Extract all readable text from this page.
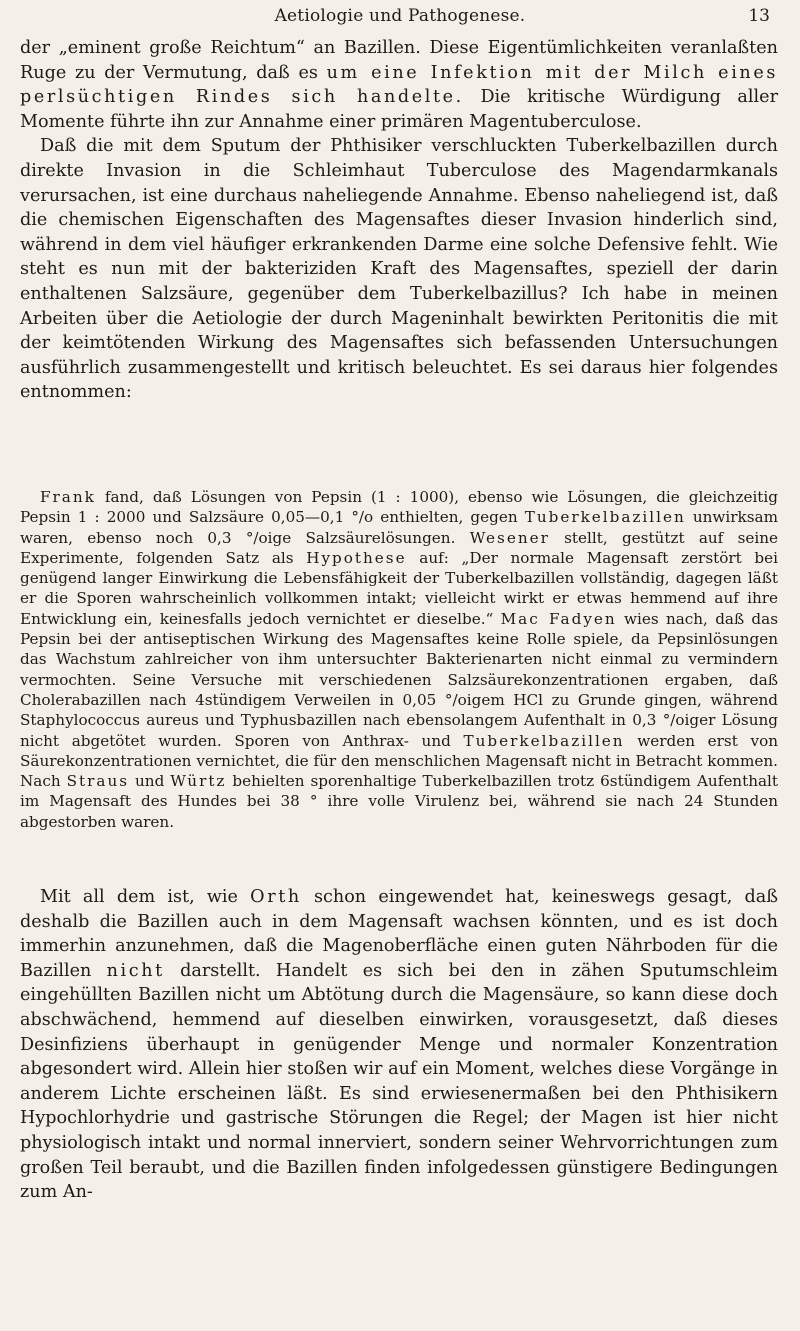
Aetiologie und Pathogenese.	13

der „eminent große Reichtum“ an Bazillen. Diese Eigentümlichkeiten veranlaßten Ruge zu der Vermutung, daß es um eine Infektion mit der Milch eines perlsüchtigen Rindes sich handelte. Die kritische Würdigung aller Momente führte ihn zur Annahme einer primären Magentuberculose.

Daß die mit dem Sputum der Phthisiker verschluckten Tuberkelbazillen durch direkte Invasion in die Schleimhaut Tuberculose des Magendarmkanals verursachen, ist eine durchaus naheliegende Annahme. Ebenso naheliegend ist, daß die chemischen Eigenschaften des Magensaftes dieser Invasion hinderlich sind, während in dem viel häufiger erkrankenden Darme eine solche Defensive fehlt. Wie steht es nun mit der bakteriziden Kraft des Magensaftes, speziell der darin enthaltenen Salzsäure, gegenüber dem Tuberkelbazillus? Ich habe in meinen Arbeiten über die Aetiologie der durch Mageninhalt bewirkten Peritonitis die mit der keimtötenden Wirkung des Magensaftes sich befassenden Untersuchungen ausführlich zusammengestellt und kritisch beleuchtet. Es sei daraus hier folgendes entnommen:

Frank fand, daß Lösungen von Pepsin (1 : 1000), ebenso wie Lösungen, die gleichzeitig Pepsin 1 : 2000 und Salzsäure 0,05—0,1 °/o enthielten, gegen Tuberkelbazillen unwirksam waren, ebenso noch 0,3 °/oige Salzsäurelösungen. Wesener stellt, gestützt auf seine Experimente, folgenden Satz als Hypothese auf: „Der normale Magensaft zerstört bei genügend langer Einwirkung die Lebensfähigkeit der Tuberkelbazillen vollständig, dagegen läßt er die Sporen wahrscheinlich vollkommen intakt; vielleicht wirkt er etwas hemmend auf ihre Entwicklung ein, keinesfalls jedoch vernichtet er dieselbe.“ Mac Fadyen wies nach, daß das Pepsin bei der antiseptischen Wirkung des Magensaftes keine Rolle spiele, da Pepsinlösungen das Wachstum zahlreicher von ihm untersuchter Bakterienarten nicht einmal zu vermindern vermochten. Seine Versuche mit verschiedenen Salzsäurekonzentrationen ergaben, daß Cholerabazillen nach 4stündigem Verweilen in 0,05 °/oigem HCl zu Grunde gingen, während Staphylococcus aureus und Typhusbazillen nach ebensolangem Aufenthalt in 0,3 °/oiger Lösung nicht abgetötet wurden. Sporen von Anthrax- und Tuberkelbazillen werden erst von Säurekonzentrationen vernichtet, die für den menschlichen Magensaft nicht in Betracht kommen. Nach Straus und Würtz behielten sporenhaltige Tuberkelbazillen trotz 6stündigem Aufenthalt im Magensaft des Hundes bei 38 ° ihre volle Virulenz bei, während sie nach 24 Stunden abgestorben waren.

Mit all dem ist, wie Orth schon eingewendet hat, keineswegs gesagt, daß deshalb die Bazillen auch in dem Magensaft wachsen könnten, und es ist doch immerhin anzunehmen, daß die Magenoberfläche einen guten Nährboden für die Bazillen nicht darstellt. Handelt es sich bei den in zähen Sputumschleim eingehüllten Bazillen nicht um Abtötung durch die Magensäure, so kann diese doch abschwächend, hemmend auf dieselben einwirken, vorausgesetzt, daß dieses Desinfiziens überhaupt in genügender Menge und normaler Konzentration abgesondert wird. Allein hier stoßen wir auf ein Moment, welches diese Vorgänge in anderem Lichte erscheinen läßt. Es sind erwiesenermaßen bei den Phthisikern Hypochlorhydrie und gastrische Störungen die Regel; der Magen ist hier nicht physiologisch intakt und normal innerviert, sondern seiner Wehrvorrichtungen zum großen Teil beraubt, und die Bazillen finden infolgedessen günstigere Bedingungen zum An-
